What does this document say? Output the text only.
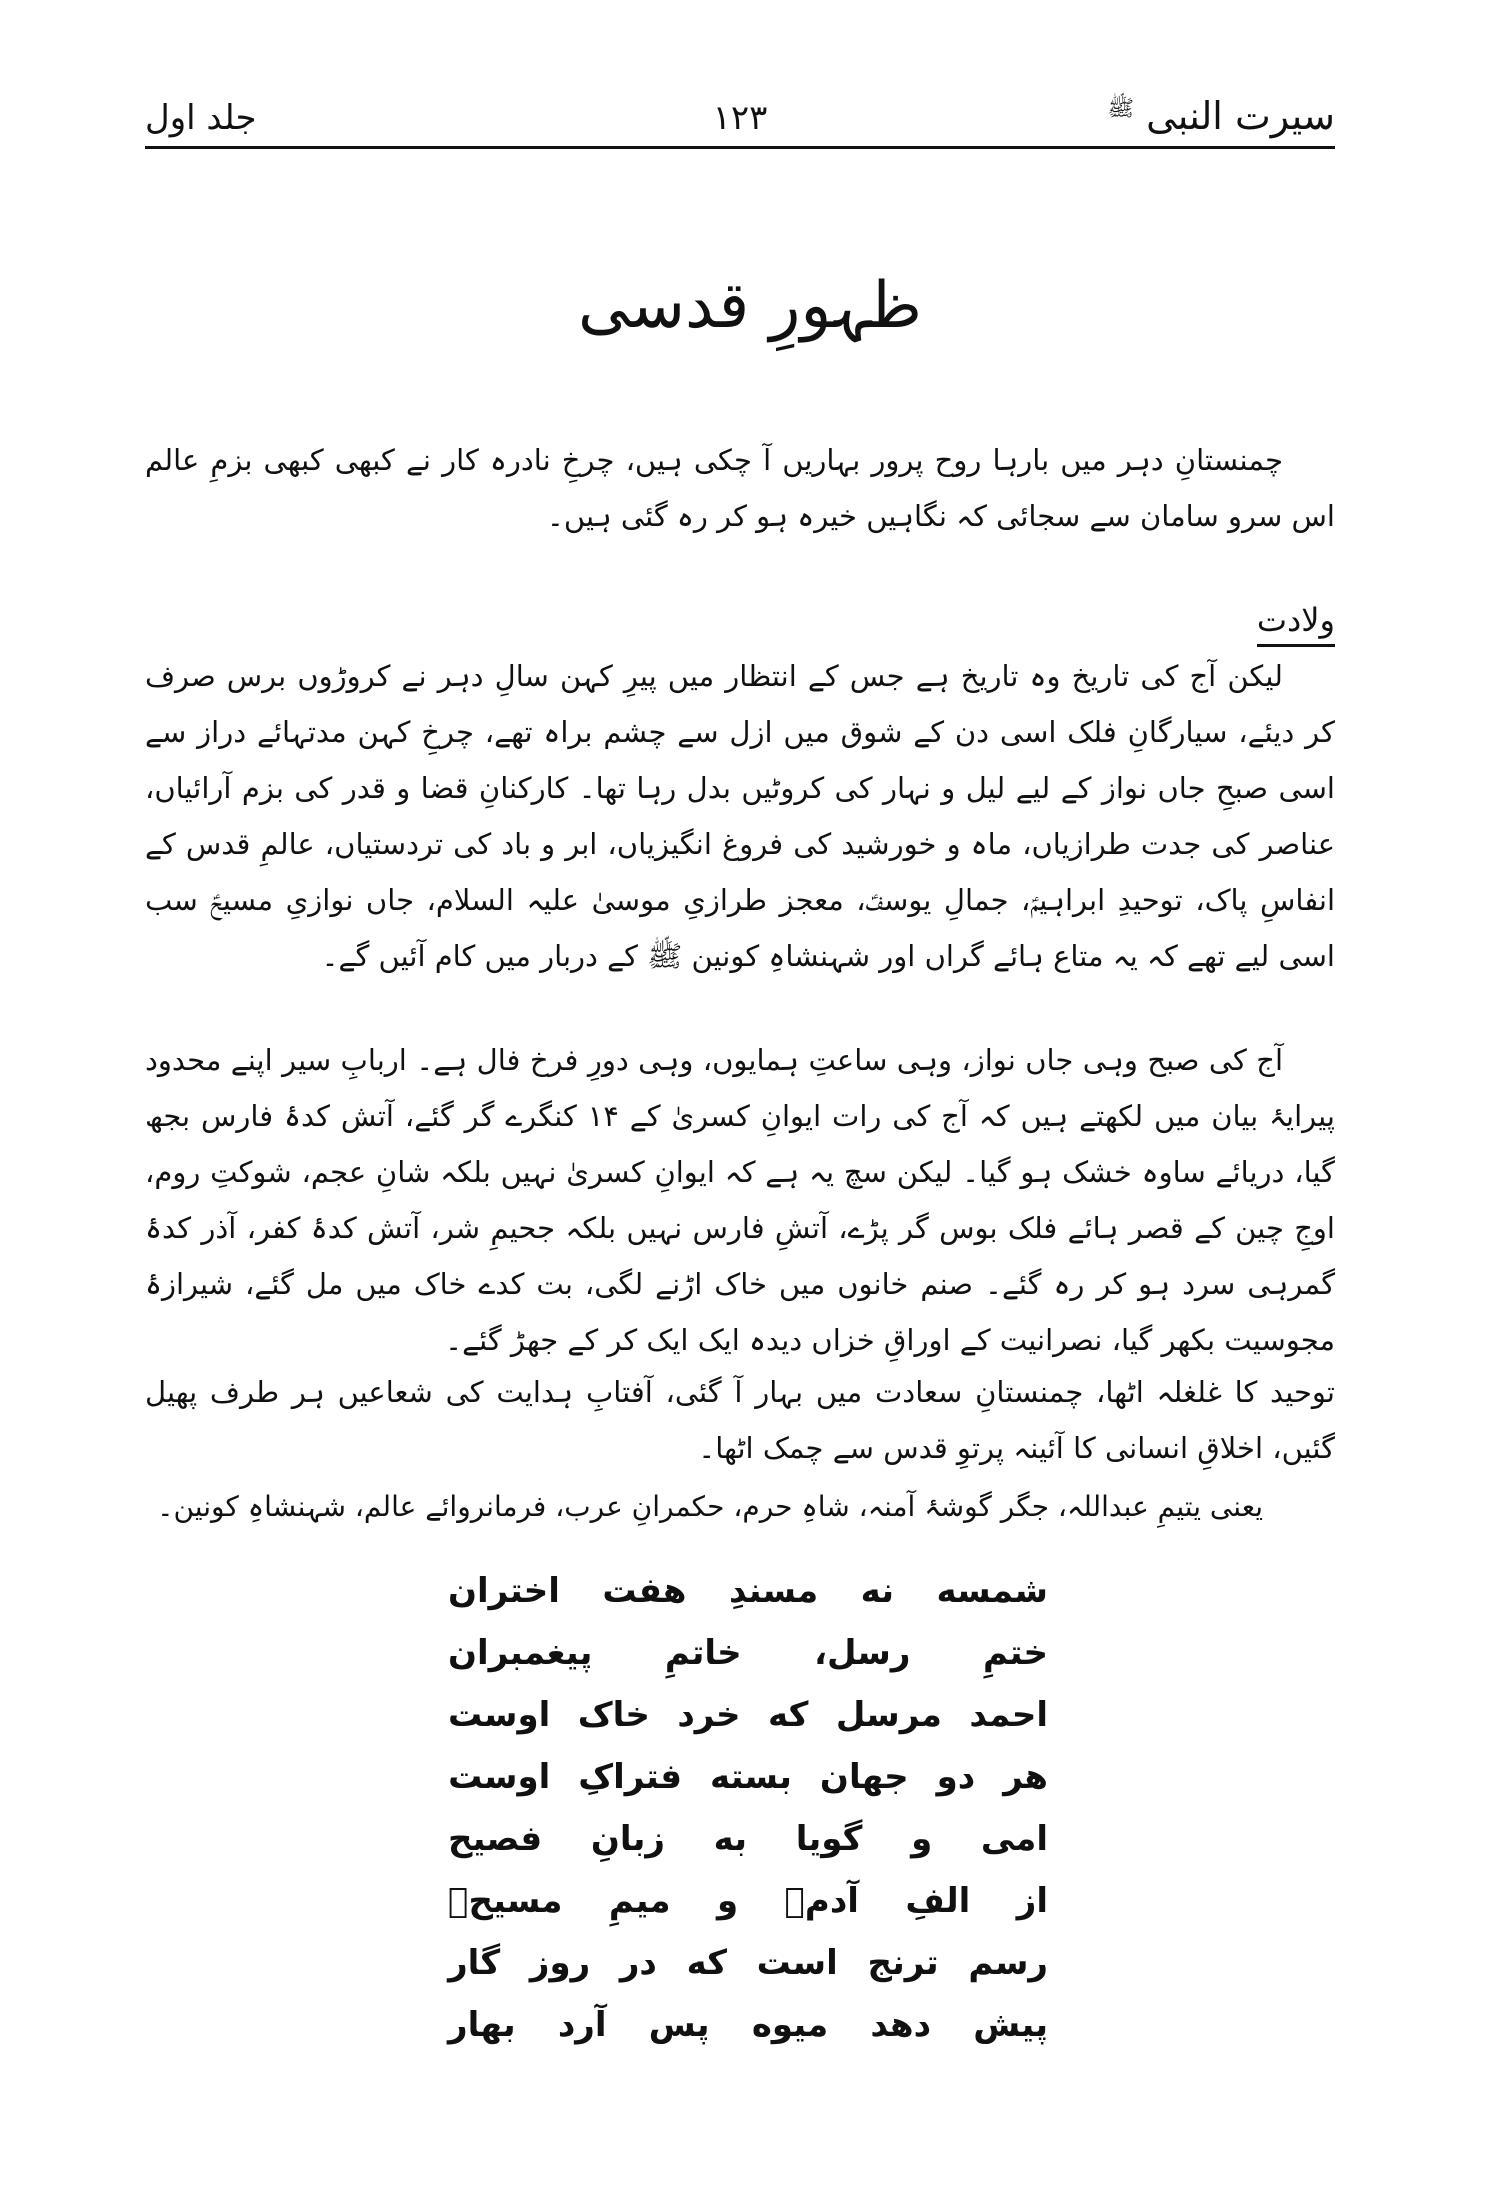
سیرت النبی $^ﷺ$
۱۲۳
جلد اول
ظہورِ قدسی
چمنستانِ دہر میں بارہا روح پرور بہاریں آ چکی ہیں، چرخِ نادرہ کار نے کبھی کبھی بزمِ عالم اس سرو سامان سے سجائی کہ نگاہیں خیرہ ہو کر رہ گئی ہیں۔
ولادت
لیکن آج کی تاریخ وہ تاریخ ہے جس کے انتظار میں پیرِ کہن سالِ دہر نے کروڑوں برس صرف کر دیئے، سیارگانِ فلک اسی دن کے شوق میں ازل سے چشم براہ تھے، چرخِ کہن مدتہائے دراز سے اسی صبحِ جاں نواز کے لیے لیل و نہار کی کروٹیں بدل رہا تھا۔ کارکنانِ قضا و قدر کی بزم آرائیاں، عناصر کی جدت طرازیاں، ماہ و خورشید کی فروغ انگیزیاں، ابر و باد کی تردستیاں، عالمِ قدس کے انفاسِ پاک، توحیدِ ابراہیمؑ، جمالِ یوسفؑ، معجز طرازیِ موسیٰ علیہ السلام، جاں نوازیِ مسیحؑ سب اسی لیے تھے کہ یہ متاع ہائے گراں اور شہنشاہِ کونین ﷺ کے دربار میں کام آئیں گے۔
آج کی صبح وہی جاں نواز، وہی ساعتِ ہمایوں، وہی دورِ فرخ فال ہے۔ اربابِ سیر اپنے محدود پیرایۂ بیان میں لکھتے ہیں کہ آج کی رات ایوانِ کسریٰ کے ۱۴ کنگرے گر گئے، آتش کدۂ فارس بجھ گیا، دریائے ساوہ خشک ہو گیا۔ لیکن سچ یہ ہے کہ ایوانِ کسریٰ نہیں بلکہ شانِ عجم، شوکتِ روم، اوجِ چین کے قصر ہائے فلک بوس گر پڑے، آتشِ فارس نہیں بلکہ جحیمِ شر، آتش کدۂ کفر، آذر کدۂ گمرہی سرد ہو کر رہ گئے۔ صنم خانوں میں خاک اڑنے لگی، بت کدے خاک میں مل گئے، شیرازۂ مجوسیت بکھر گیا، نصرانیت کے اوراقِ خزاں دیدہ ایک ایک کر کے جھڑ گئے۔
توحید کا غلغلہ اٹھا، چمنستانِ سعادت میں بہار آ گئی، آفتابِ ہدایت کی شعاعیں ہر طرف پھیل گئیں، اخلاقِ انسانی کا آئینہ پرتوِ قدس سے چمک اٹھا۔
یعنی یتیمِ عبداللہ، جگر گوشۂ آمنہ، شاہِ حرم، حکمرانِ عرب، فرمانروائے عالم، شہنشاہِ کونین۔
شمسه
نه
مسندِ
هفت
اختران
ختمِ
رسل،
خاتمِ
پیغمبران
احمد
مرسل
که
خرد
خاک
اوست
هر
دو
جهان
بسته
فتراکِ
اوست
امی
و
گویا
به
زبانِ
فصیح
از
الفِ
آدمؑ
و
میمِ
مسیحؑ
رسم
ترنج
است
که
در
روز
گار
پیش
دهد
میوه
پس
آرد
بهار
